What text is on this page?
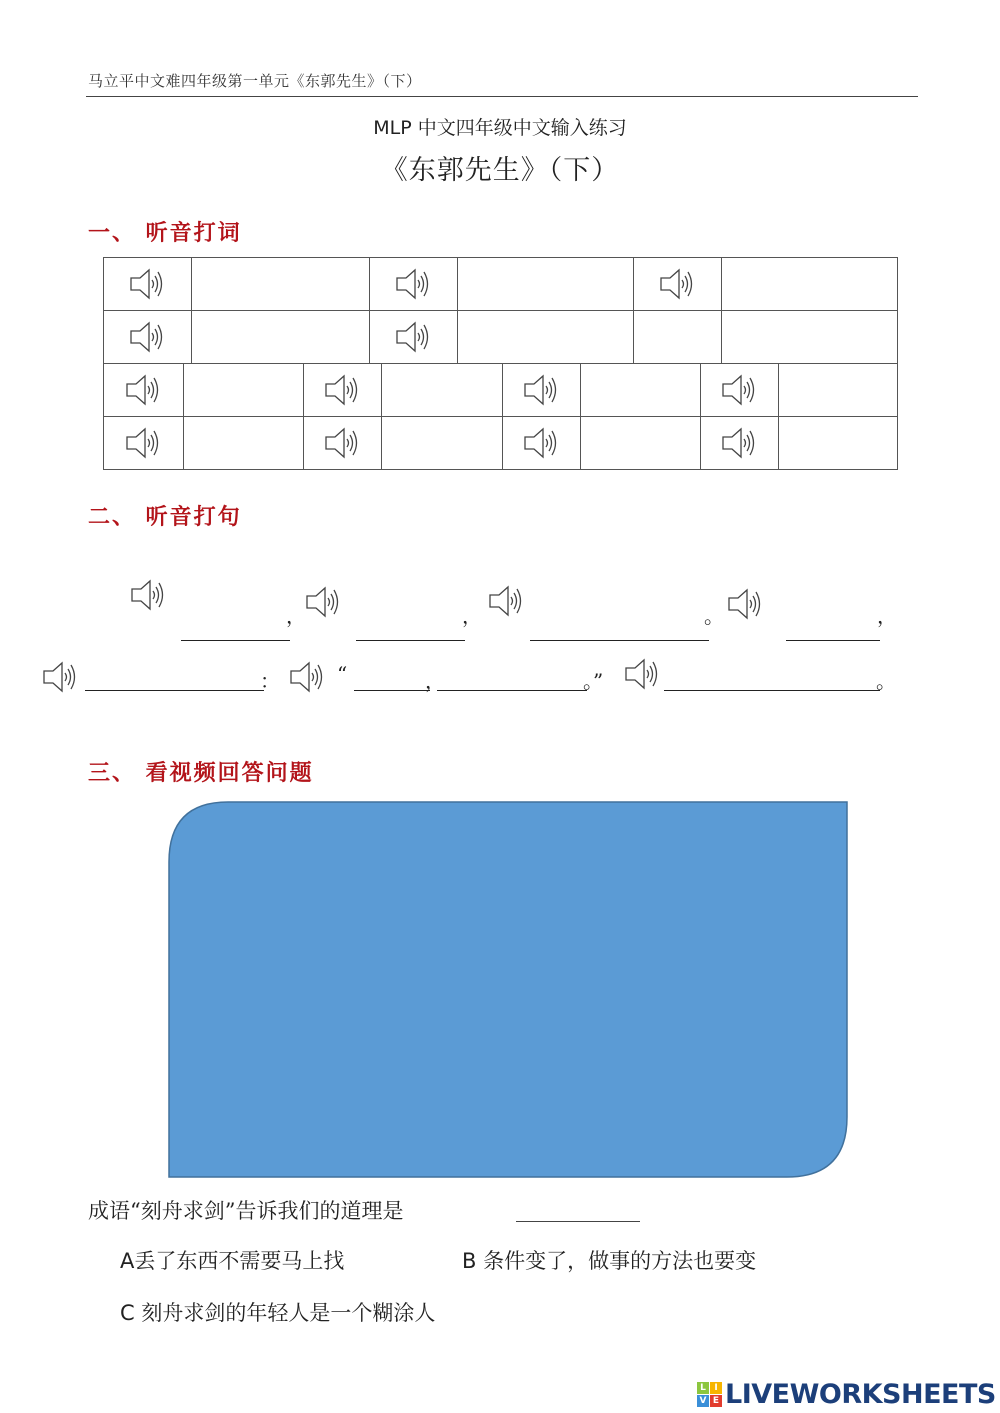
马立平中文难四年级第一单元《东郭先生》（下）
MLP 中文四年级中文输入练习
《东郭先生》（下）
一、 听音打词
二、 听音打句
，	，	。	，
：	“	，	。”	。
三、 看视频回答问题
成语“刻舟求剑”告诉我们的道理是
A丢了东西不需要马上找	B 条件变了，做事的方法也要变
C 刻舟求剑的年轻人是一个糊涂人
L I
V E LIVEWORKSHEETS
